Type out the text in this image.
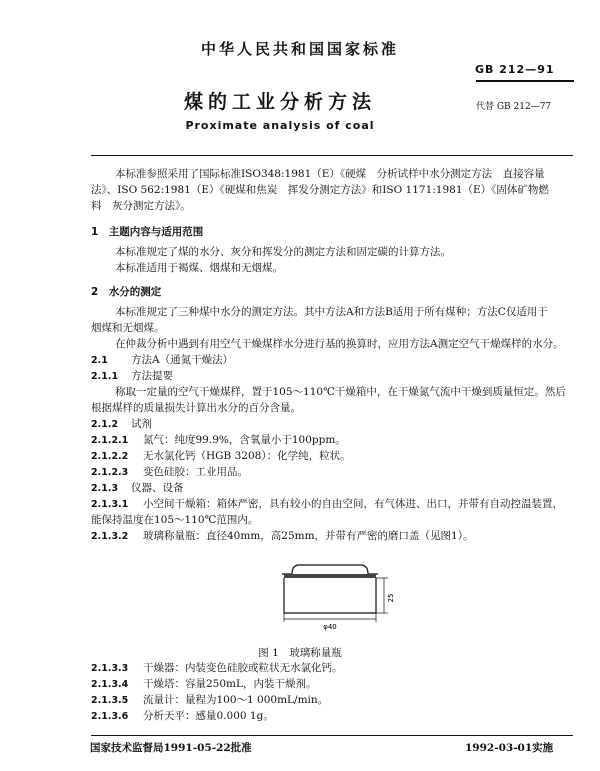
中华人民共和国国家标准
GB 212—91
煤的工业分析方法	代替 GB 212—77
Proximate analysis of coal
本标准参照采用了国际标准ISO348:1981（E）《硬煤　分析试样中水分测定方法　直接容量
法》、ISO 562:1981（E）《硬煤和焦炭　挥发分测定方法》和ISO 1171:1981（E）《固体矿物燃
料　灰分测定方法》。
1　主题内容与适用范围
本标准规定了煤的水分、灰分和挥发分的测定方法和固定碳的计算方法。
本标准适用于褐煤、烟煤和无烟煤。
2　水分的测定
本标准规定了三种煤中水分的测定方法。其中方法A和方法B适用于所有煤种；方法C仅适用于
烟煤和无烟煤。
在仲裁分析中遇到有用空气干燥煤样水分进行基的换算时，应用方法A测定空气干燥煤样的水分。
2.1 方法A（通氮干燥法）
2.1.1 方法提要
称取一定量的空气干燥煤样，置于105～110℃干燥箱中，在干燥氮气流中干燥到质量恒定。然后
根据煤样的质量损失计算出水分的百分含量。
2.1.2 试剂
2.1.2.1 氮气：纯度99.9%，含氧量小于100ppm。
2.1.2.2 无水氯化钙（HGB 3208）：化学纯，粒状。
2.1.2.3 变色硅胶：工业用品。
2.1.3 仪器、设备
2.1.3.1 小空间干燥箱：箱体严密，具有较小的自由空间，有气体进、出口，并带有自动控温装置，
能保持温度在105～110℃范围内。
2.1.3.2 玻璃称量瓶：直径40mm，高25mm，并带有严密的磨口盖（见图1）。
25
φ40
图 1　玻璃称量瓶
2.1.3.3 干燥器：内装变色硅胶或粒状无水氯化钙。
2.1.3.4 干燥塔：容量250mL，内装干燥剂。
2.1.3.5 流量计：量程为100～1 000mL/min。
2.1.3.6 分析天平：感量0.000 1g。
国家技术监督局1991-05-22批准	1992-03-01实施
